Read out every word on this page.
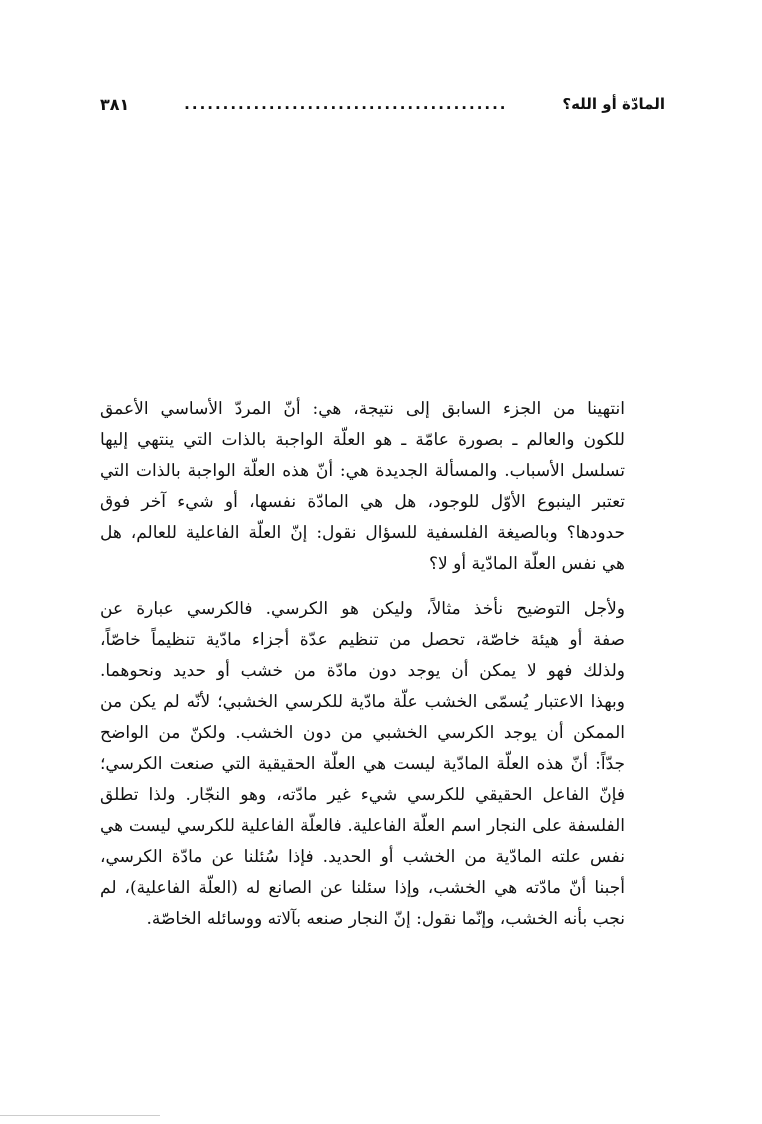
المادّة أو الله؟
..........................................
٣٨١

انتهينا من الجزء السابق إلى نتيجة، هي: أنّ المردّ الأساسي الأعمق
للكون والعالم ـ بصورة عامّة ـ هو العلّة الواجبة بالذات التي ينتهي إليها
تسلسل الأسباب. والمسألة الجديدة هي: أنّ هذه العلّة الواجبة بالذات التي
تعتبر الينبوع الأوّل للوجود، هل هي المادّة نفسها، أو شيء آخر فوق
حدودها؟ وبالصيغة الفلسفية للسؤال نقول: إنّ العلّة الفاعلية للعالم، هل
هي نفس العلّة المادّية أو لا؟

ولأجل التوضيح نأخذ مثالاً، وليكن هو الكرسي. فالكرسي عبارة عن
صفة أو هيئة خاصّة، تحصل من تنظيم عدّة أجزاء مادّية تنظيماً خاصّاً،
ولذلك فهو لا يمكن أن يوجد دون مادّة من خشب أو حديد ونحوهما.
وبهذا الاعتبار يُسمّى الخشب علّة مادّية للكرسي الخشبي؛ لأنّه لم يكن من
الممكن أن يوجد الكرسي الخشبي من دون الخشب. ولكنّ من الواضح
جدّاً: أنّ هذه العلّة المادّية ليست هي العلّة الحقيقية التي صنعت الكرسي؛
فإنّ الفاعل الحقيقي للكرسي شيء غير مادّته، وهو النجّار. ولذا تطلق
الفلسفة على النجار اسم العلّة الفاعلية. فالعلّة الفاعلية للكرسي ليست هي
نفس علته المادّية من الخشب أو الحديد. فإذا سُئلنا عن مادّة الكرسي،
أجبنا أنّ مادّته هي الخشب، وإذا سئلنا عن الصانع له (العلّة الفاعلية)، لم
نجب بأنه الخشب، وإنّما نقول: إنّ النجار صنعه بآلاته ووسائله الخاصّة.
